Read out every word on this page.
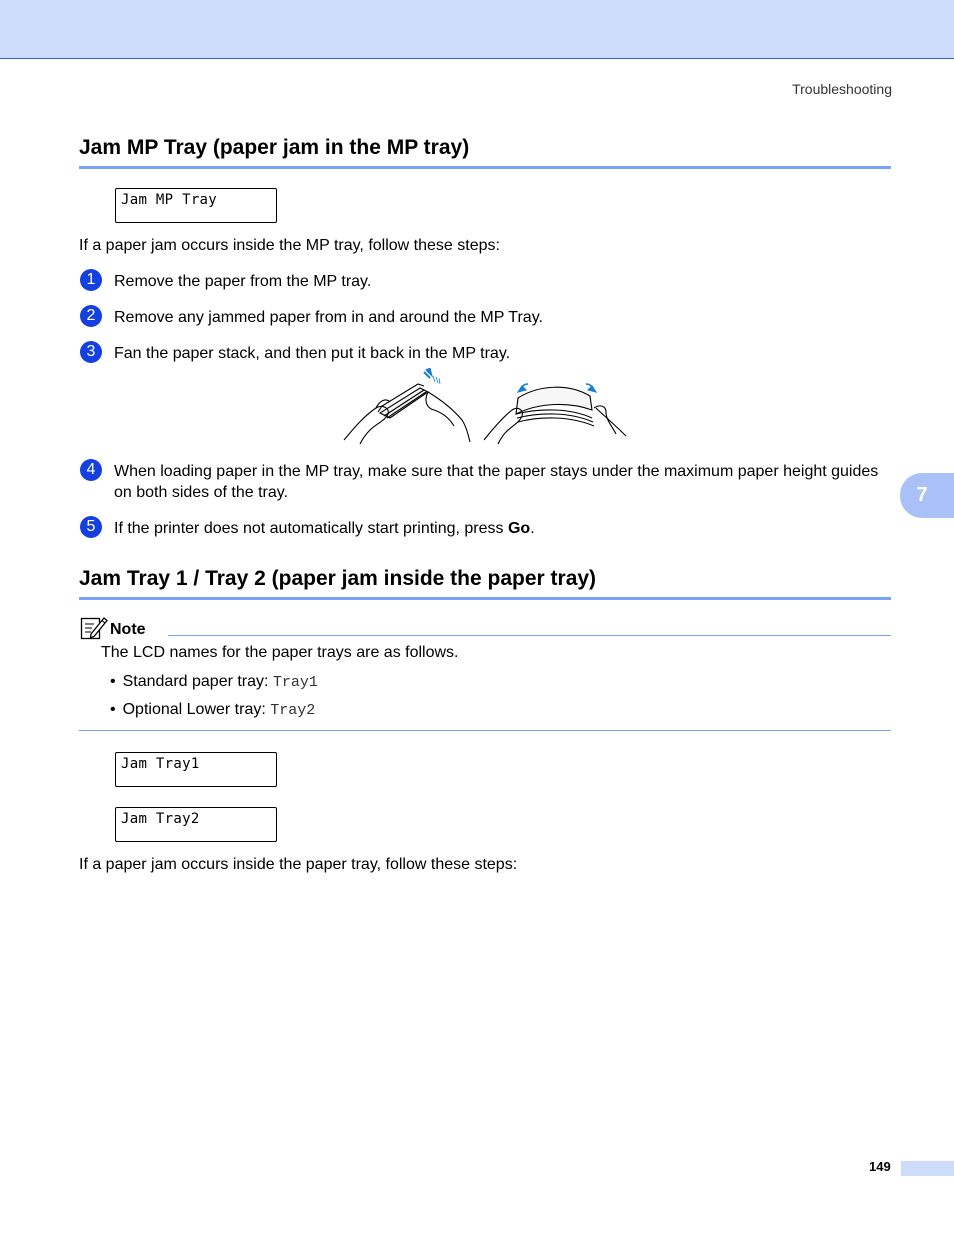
Troubleshooting
Jam MP Tray (paper jam in the MP tray)
Jam MP Tray
If a paper jam occurs inside the MP tray, follow these steps:
1	Remove the paper from the MP tray.
2	Remove any jammed paper from in and around the MP Tray.
3	Fan the paper stack, and then put it back in the MP tray.
4	When loading paper in the MP tray, make sure that the paper stays under the maximum paper height guides on both sides of the tray.
5	If the printer does not automatically start printing, press Go.
7
Jam Tray 1 / Tray 2 (paper jam inside the paper tray)
Note
The LCD names for the paper trays are as follows.
• Standard paper tray: Tray1
• Optional Lower tray: Tray2
Jam Tray1
Jam Tray2
If a paper jam occurs inside the paper tray, follow these steps:
149
